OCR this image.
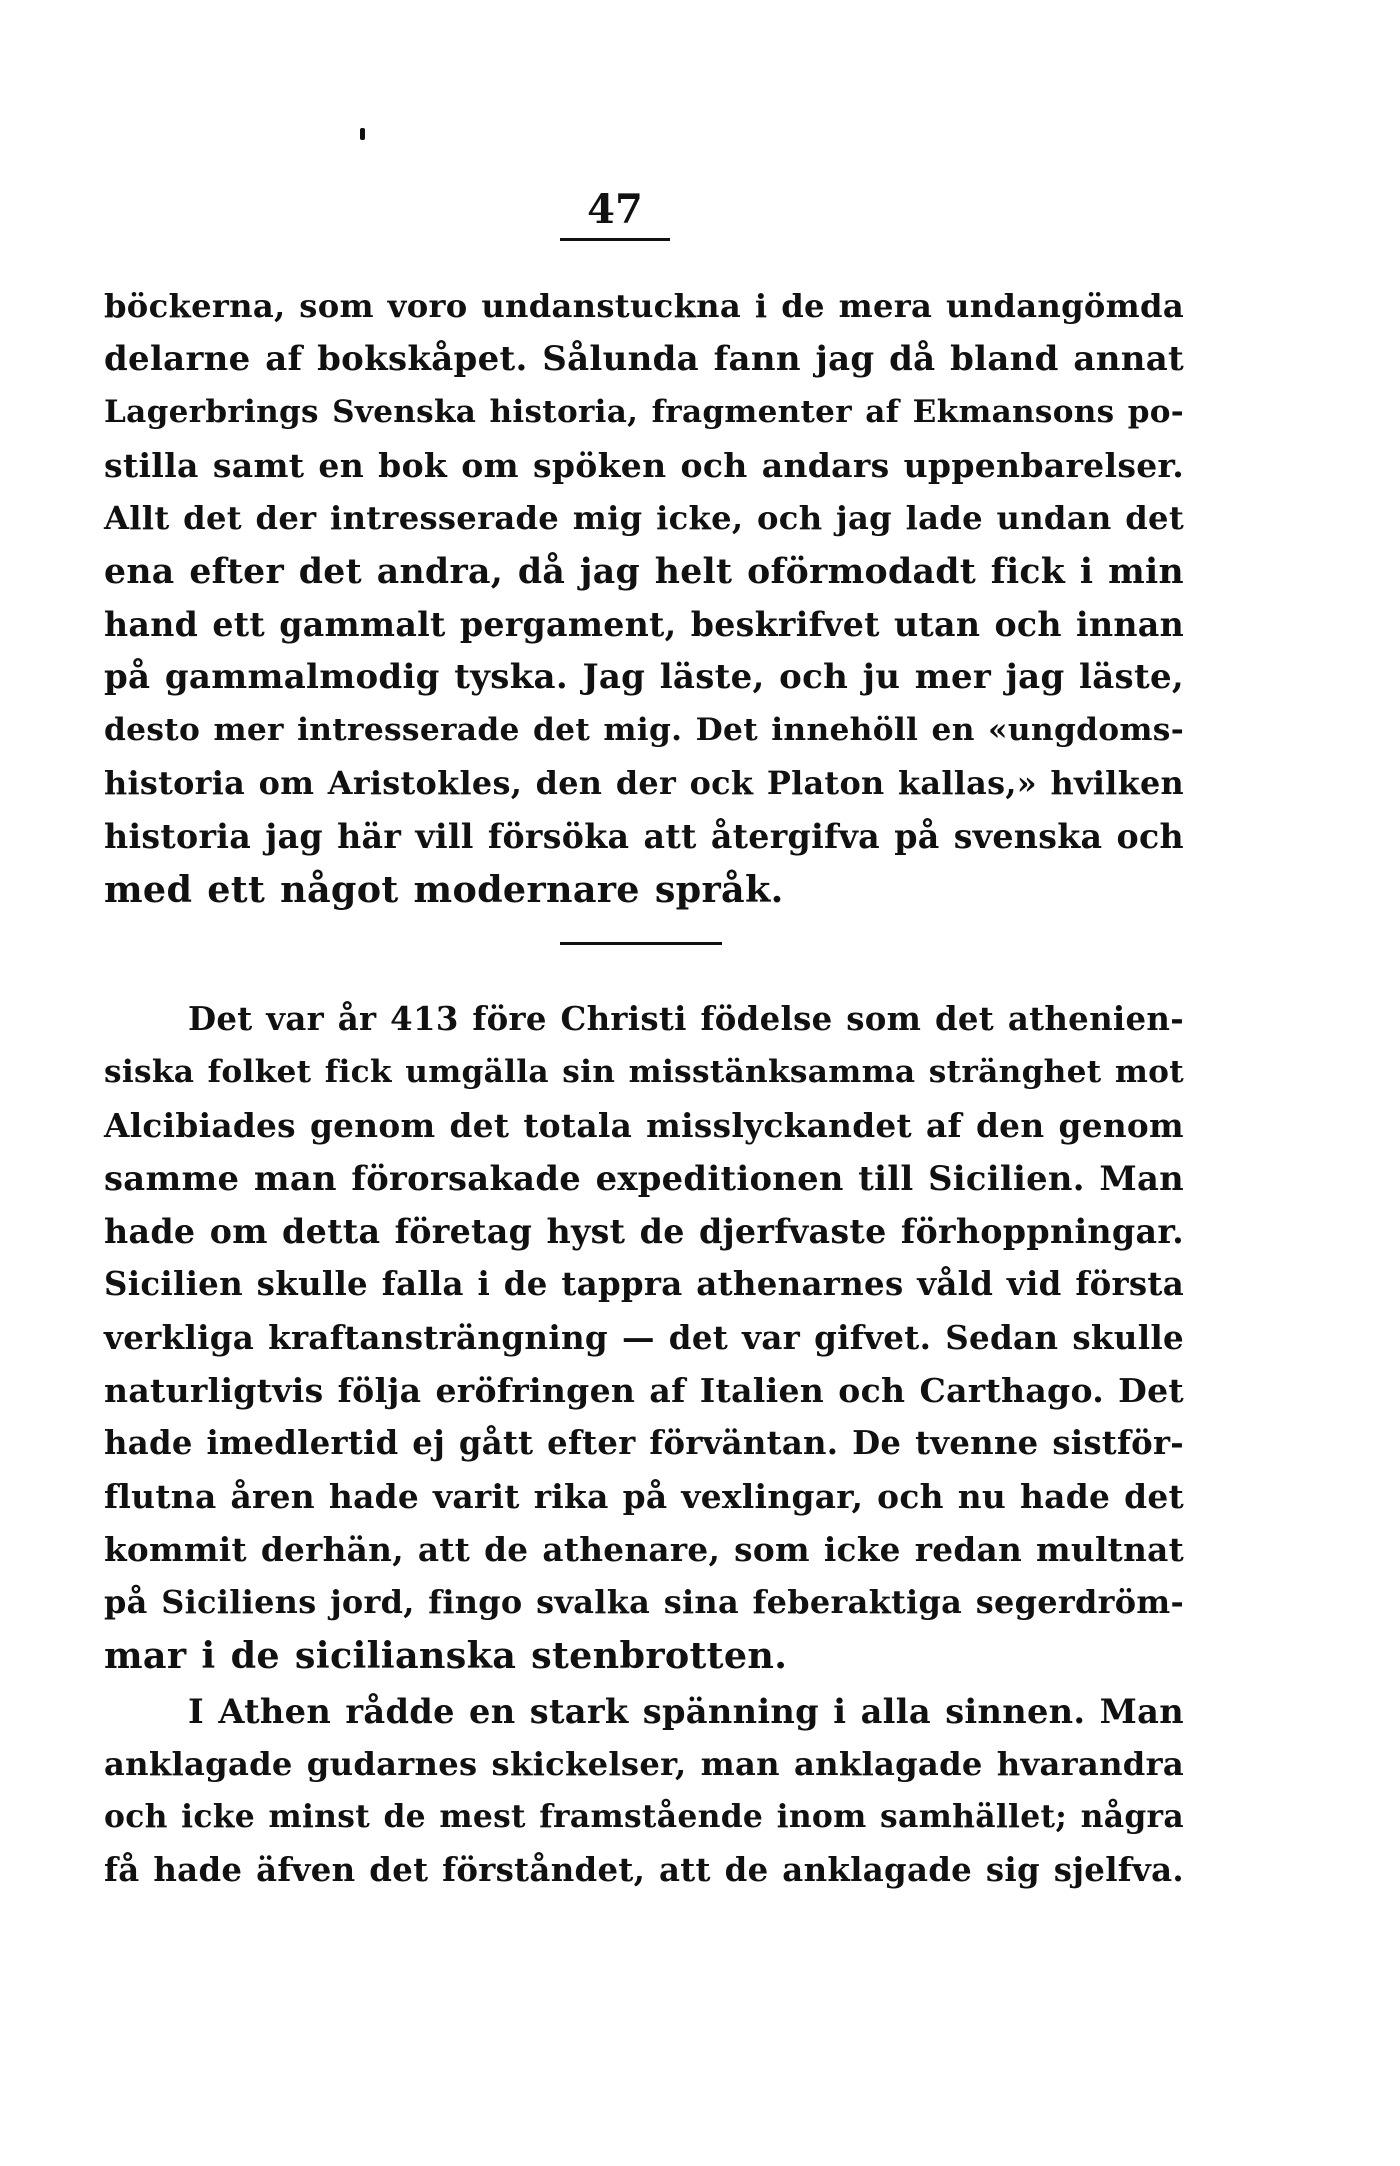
47
böckerna, som voro undanstuckna i de mera undangömda
delarne af bokskåpet. Sålunda fann jag då bland annat
Lagerbrings Svenska historia, fragmenter af Ekmansons po-
stilla samt en bok om spöken och andars uppenbarelser.
Allt det der intresserade mig icke, och jag lade undan det
ena efter det andra, då jag helt oförmodadt fick i min
hand ett gammalt pergament, beskrifvet utan och innan
på gammalmodig tyska. Jag läste, och ju mer jag läste,
desto mer intresserade det mig. Det innehöll en «ungdoms-
historia om Aristokles, den der ock Platon kallas,» hvilken
historia jag här vill försöka att återgifva på svenska och
med ett något modernare språk.
Det var år 413 före Christi födelse som det athenien-
siska folket fick umgälla sin misstänksamma stränghet mot
Alcibiades genom det totala misslyckandet af den genom
samme man förorsakade expeditionen till Sicilien. Man
hade om detta företag hyst de djerfvaste förhoppningar.
Sicilien skulle falla i de tappra athenarnes våld vid första
verkliga kraftansträngning — det var gifvet. Sedan skulle
naturligtvis följa eröfringen af Italien och Carthago. Det
hade imedlertid ej gått efter förväntan. De tvenne sistför-
flutna åren hade varit rika på vexlingar, och nu hade det
kommit derhän, att de athenare, som icke redan multnat
på Siciliens jord, fingo svalka sina feberaktiga segerdröm-
mar i de sicilianska stenbrotten.
I Athen rådde en stark spänning i alla sinnen. Man
anklagade gudarnes skickelser, man anklagade hvarandra
och icke minst de mest framstående inom samhället; några
få hade äfven det förståndet, att de anklagade sig sjelfva.
